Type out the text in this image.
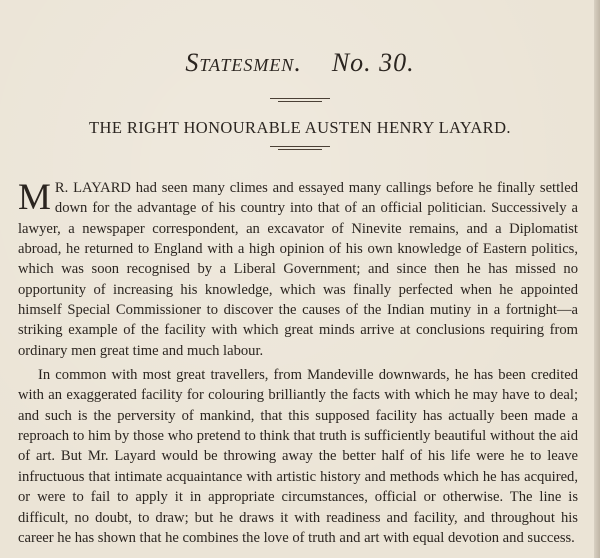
Statesmen. No. 30.
THE RIGHT HONOURABLE AUSTEN HENRY LAYARD.

M R. LAYARD had seen many climes and essayed many callings before he finally settled down for the advantage of his country into that of an official politician. Successively a lawyer, a newspaper correspondent, an excavator of Ninevite remains, and a Diplomatist abroad, he returned to England with a high opinion of his own knowledge of Eastern politics, which was soon recognised by a Liberal Government; and since then he has missed no opportunity of increasing his knowledge, which was finally perfected when he appointed himself Special Commissioner to discover the causes of the Indian mutiny in a fortnight—a striking example of the facility with which great minds arrive at conclusions requiring from ordinary men great time and much labour.

In common with most great travellers, from Mandeville downwards, he has been credited with an exaggerated facility for colouring brilliantly the facts with which he may have to deal; and such is the perversity of mankind, that this supposed facility has actually been made a reproach to him by those who pretend to think that truth is sufficiently beautiful without the aid of art. But Mr. Layard would be throwing away the better half of his life were he to leave infructuous that intimate acquaintance with artistic history and methods which he has acquired, or were to fail to apply it in appropriate circumstances, official or otherwise. The line is difficult, no doubt, to draw; but he draws it with readiness and facility, and throughout his career he has shown that he combines the love of truth and art with equal devotion and success.
